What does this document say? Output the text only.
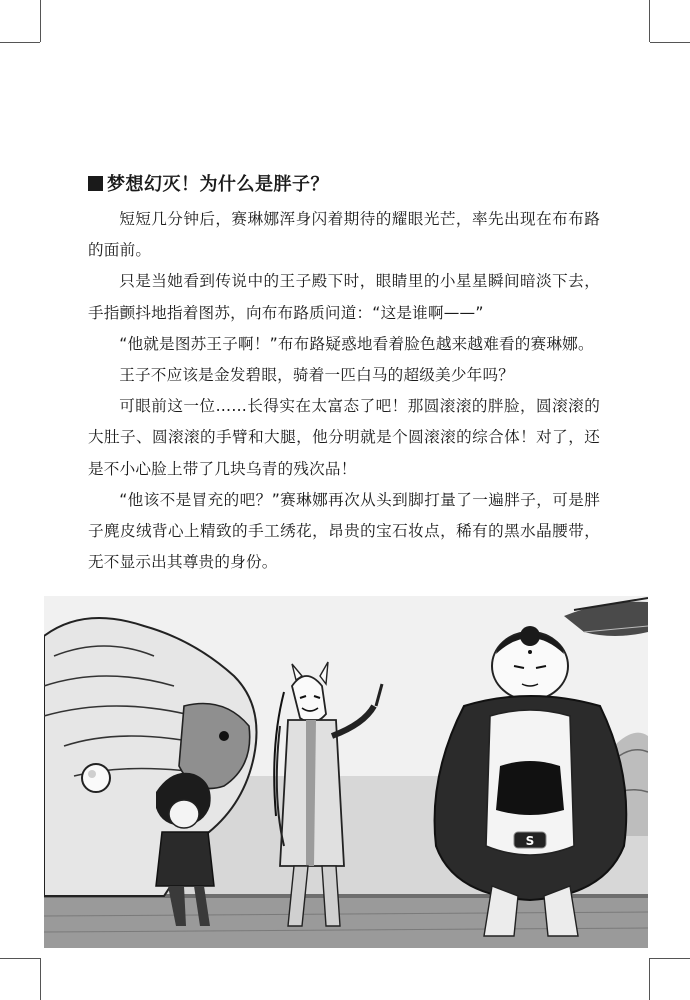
梦想幻灭！为什么是胖子？

短短几分钟后，赛琳娜浑身闪着期待的耀眼光芒，率先出现在布布路的面前。

只是当她看到传说中的王子殿下时，眼睛里的小星星瞬间暗淡下去，手指颤抖地指着图苏，向布布路质问道：“这是谁啊——”

“他就是图苏王子啊！”布布路疑惑地看着脸色越来越难看的赛琳娜。

王子不应该是金发碧眼，骑着一匹白马的超级美少年吗？

可眼前这一位……长得实在太富态了吧！那圆滚滚的胖脸，圆滚滚的大肚子、圆滚滚的手臂和大腿，他分明就是个圆滚滚的综合体！对了，还是不小心脸上带了几块乌青的残次品！

“他该不是冒充的吧？”赛琳娜再次从头到脚打量了一遍胖子，可是胖子麂皮绒背心上精致的手工绣花，昂贵的宝石妆点，稀有的黑水晶腰带，无不显示出其尊贵的身份。

S
